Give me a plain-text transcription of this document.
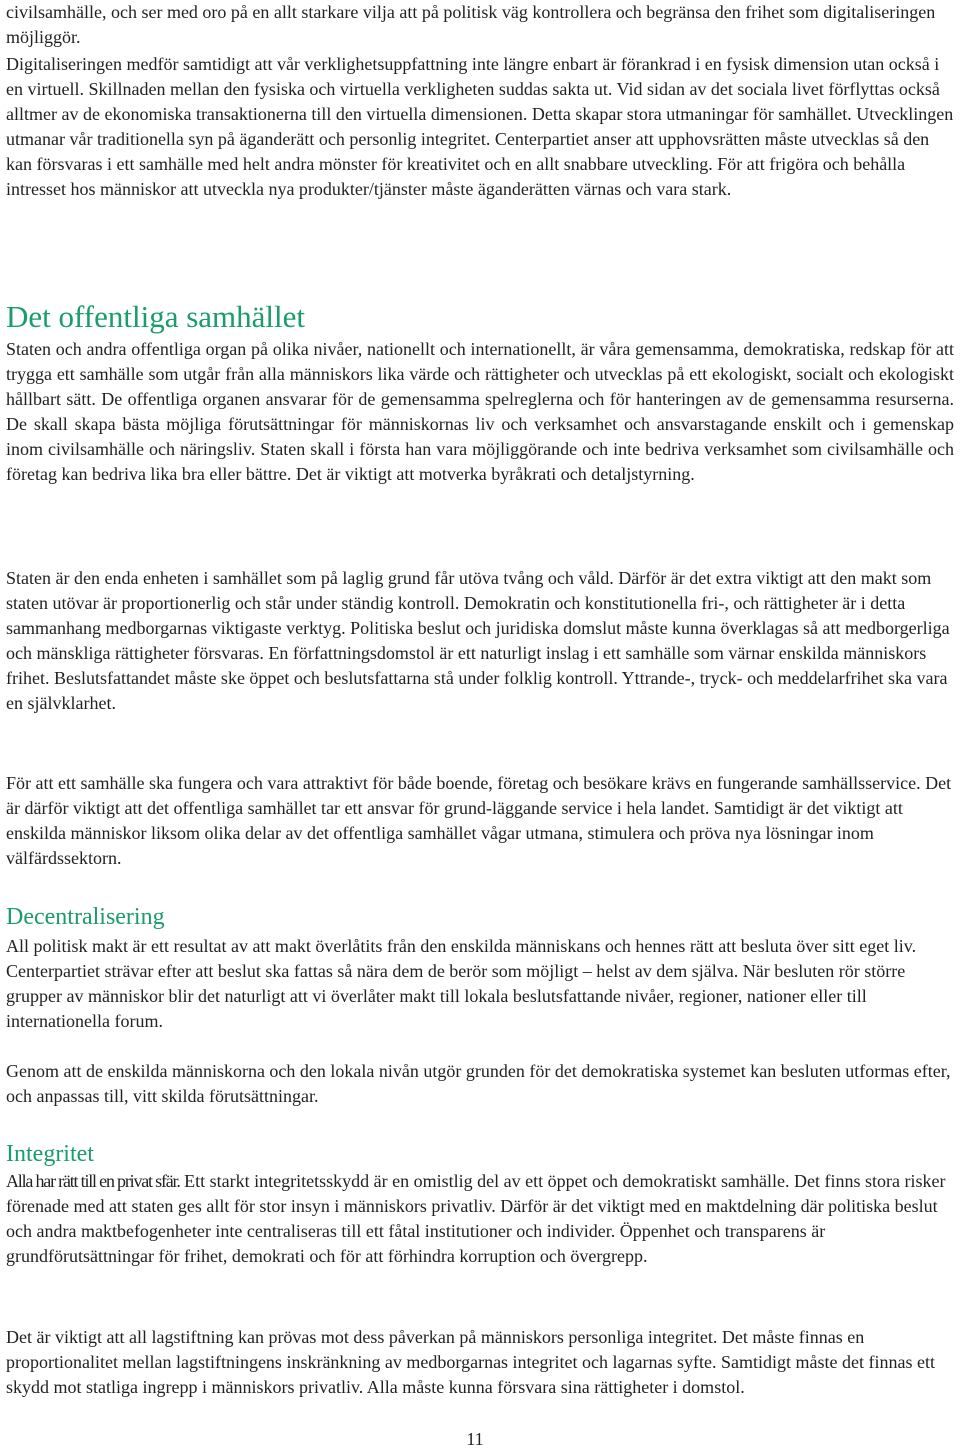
civilsamhälle, och ser med oro på en allt starkare vilja att på politisk väg kontrollera och begränsa den frihet som digitaliseringen möjliggör.

Digitaliseringen medför samtidigt att vår verklighetsuppfattning inte längre enbart är förankrad i en fysisk dimension utan också i en virtuell. Skillnaden mellan den fysiska och virtuella verkligheten suddas sakta ut. Vid sidan av det sociala livet förflyttas också alltmer av de ekonomiska transaktionerna till den virtuella dimensionen. Detta skapar stora utmaningar för samhället. Utvecklingen utmanar vår traditionella syn på äganderätt och personlig integritet. Centerpartiet anser att upphovsrätten måste utvecklas så den kan försvaras i ett samhälle med helt andra mönster för kreativitet och en allt snabbare utveckling. För att frigöra och behålla intresset hos människor att utveckla nya produkter/tjänster måste äganderätten värnas och vara stark.

Det offentliga samhället

Staten och andra offentliga organ på olika nivåer, nationellt och internationellt, är våra gemensamma, demokratiska, redskap för att trygga ett samhälle som utgår från alla människors lika värde och rättigheter och utvecklas på ett ekologiskt, socialt och ekologiskt hållbart sätt. De offentliga organen ansvarar för de gemensamma spelreglerna och för hanteringen av de gemensamma resurserna. De skall skapa bästa möjliga förutsättningar för människornas liv och verksamhet och ansvarstagande enskilt och i gemenskap inom civilsamhälle och näringsliv. Staten skall i första han vara möjliggörande och inte bedriva verksamhet som civilsamhälle och företag kan bedriva lika bra eller bättre. Det är viktigt att motverka byråkrati och detaljstyrning.

Staten är den enda enheten i samhället som på laglig grund får utöva tvång och våld. Därför är det extra viktigt att den makt som staten utövar är proportionerlig och står under ständig kontroll. Demokratin och konstitutionella fri-, och rättigheter är i detta sammanhang medborgarnas viktigaste verktyg. Politiska beslut och juridiska domslut måste kunna överklagas så att medborgerliga och mänskliga rättigheter försvaras. En författningsdomstol är ett naturligt inslag i ett samhälle som värnar enskilda människors frihet. Beslutsfattandet måste ske öppet och beslutsfattarna stå under folklig kontroll. Yttrande-, tryck- och meddelarfrihet ska vara en självklarhet.

För att ett samhälle ska fungera och vara attraktivt för både boende, företag och besökare krävs en fungerande samhällsservice. Det är därför viktigt att det offentliga samhället tar ett ansvar för grund-läggande service i hela landet. Samtidigt är det viktigt att enskilda människor liksom olika delar av det offentliga samhället vågar utmana, stimulera och pröva nya lösningar inom välfärdssektorn.

Decentralisering

All politisk makt är ett resultat av att makt överlåtits från den enskilda människans och hennes rätt att besluta över sitt eget liv. Centerpartiet strävar efter att beslut ska fattas så nära dem de berör som möjligt – helst av dem själva. När besluten rör större grupper av människor blir det naturligt att vi överlåter makt till lokala beslutsfattande nivåer, regioner, nationer eller till internationella forum.

Genom att de enskilda människorna och den lokala nivån utgör grunden för det demokratiska systemet kan besluten utformas efter, och anpassas till, vitt skilda förutsättningar.

Integritet

Alla har rätt till en privat sfär. Ett starkt integritetsskydd är en omistlig del av ett öppet och demokratiskt samhälle. Det finns stora risker förenade med att staten ges allt för stor insyn i människors privatliv. Därför är det viktigt med en maktdelning där politiska beslut och andra maktbefogenheter inte centraliseras till ett fåtal institutioner och individer. Öppenhet och transparens är grundförutsättningar för frihet, demokrati och för att förhindra korruption och övergrepp.

Det är viktigt att all lagstiftning kan prövas mot dess påverkan på människors personliga integritet. Det måste finnas en proportionalitet mellan lagstiftningens inskränkning av medborgarnas integritet och lagarnas syfte. Samtidigt måste det finnas ett skydd mot statliga ingrepp i människors privatliv. Alla måste kunna försvara sina rättigheter i domstol.

11
